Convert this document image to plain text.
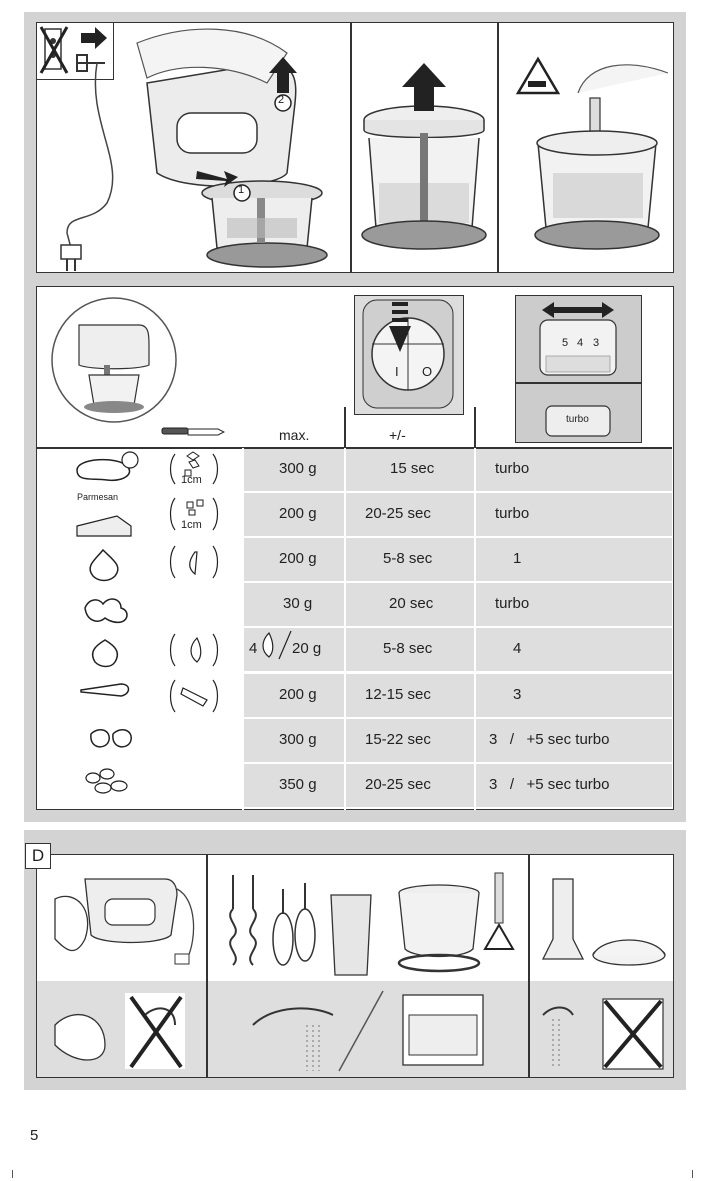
2
1
I O
5 4 3
turbo
max.	+/-
Parmesan
1cm
1cm
300 g	15 sec	turbo
200 g	20-25 sec	turbo
200 g	5-8 sec	1
30 g	20 sec	turbo
4 20 g	5-8 sec	4
200 g	12-15 sec	3
300 g	15-22 sec	3   /   +5 sec turbo
350 g	20-25 sec	3   /   +5 sec turbo
D
5
